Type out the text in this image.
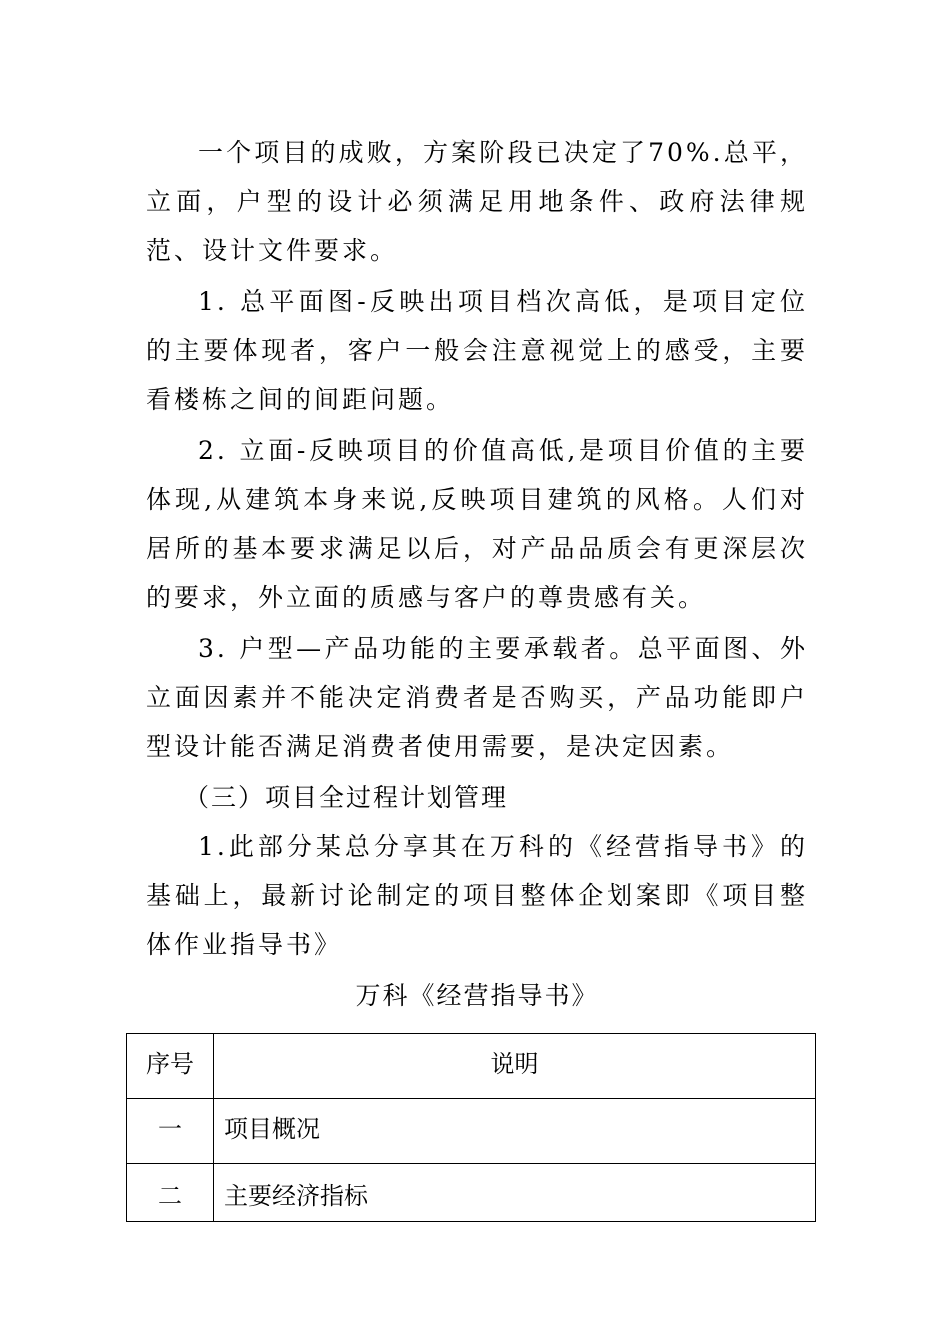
一个项目的成败，方案阶段已决定了70%.总平，立面，户型的设计必须满足用地条件、政府法律规范、设计文件要求。

1. 总平面图-反映出项目档次高低，是项目定位的主要体现者，客户一般会注意视觉上的感受，主要看楼栋之间的间距问题。

2. 立面-反映项目的价值高低,是项目价值的主要体现,从建筑本身来说,反映项目建筑的风格。人们对居所的基本要求满足以后，对产品品质会有更深层次的要求，外立面的质感与客户的尊贵感有关。

3. 户型—产品功能的主要承载者。总平面图、外立面因素并不能决定消费者是否购买，产品功能即户型设计能否满足消费者使用需要，是决定因素。

（三）项目全过程计划管理

1.此部分某总分享其在万科的《经营指导书》的基础上，最新讨论制定的项目整体企划案即《项目整体作业指导书》

万科《经营指导书》

序号	说明
一	项目概况
二	主要经济指标
